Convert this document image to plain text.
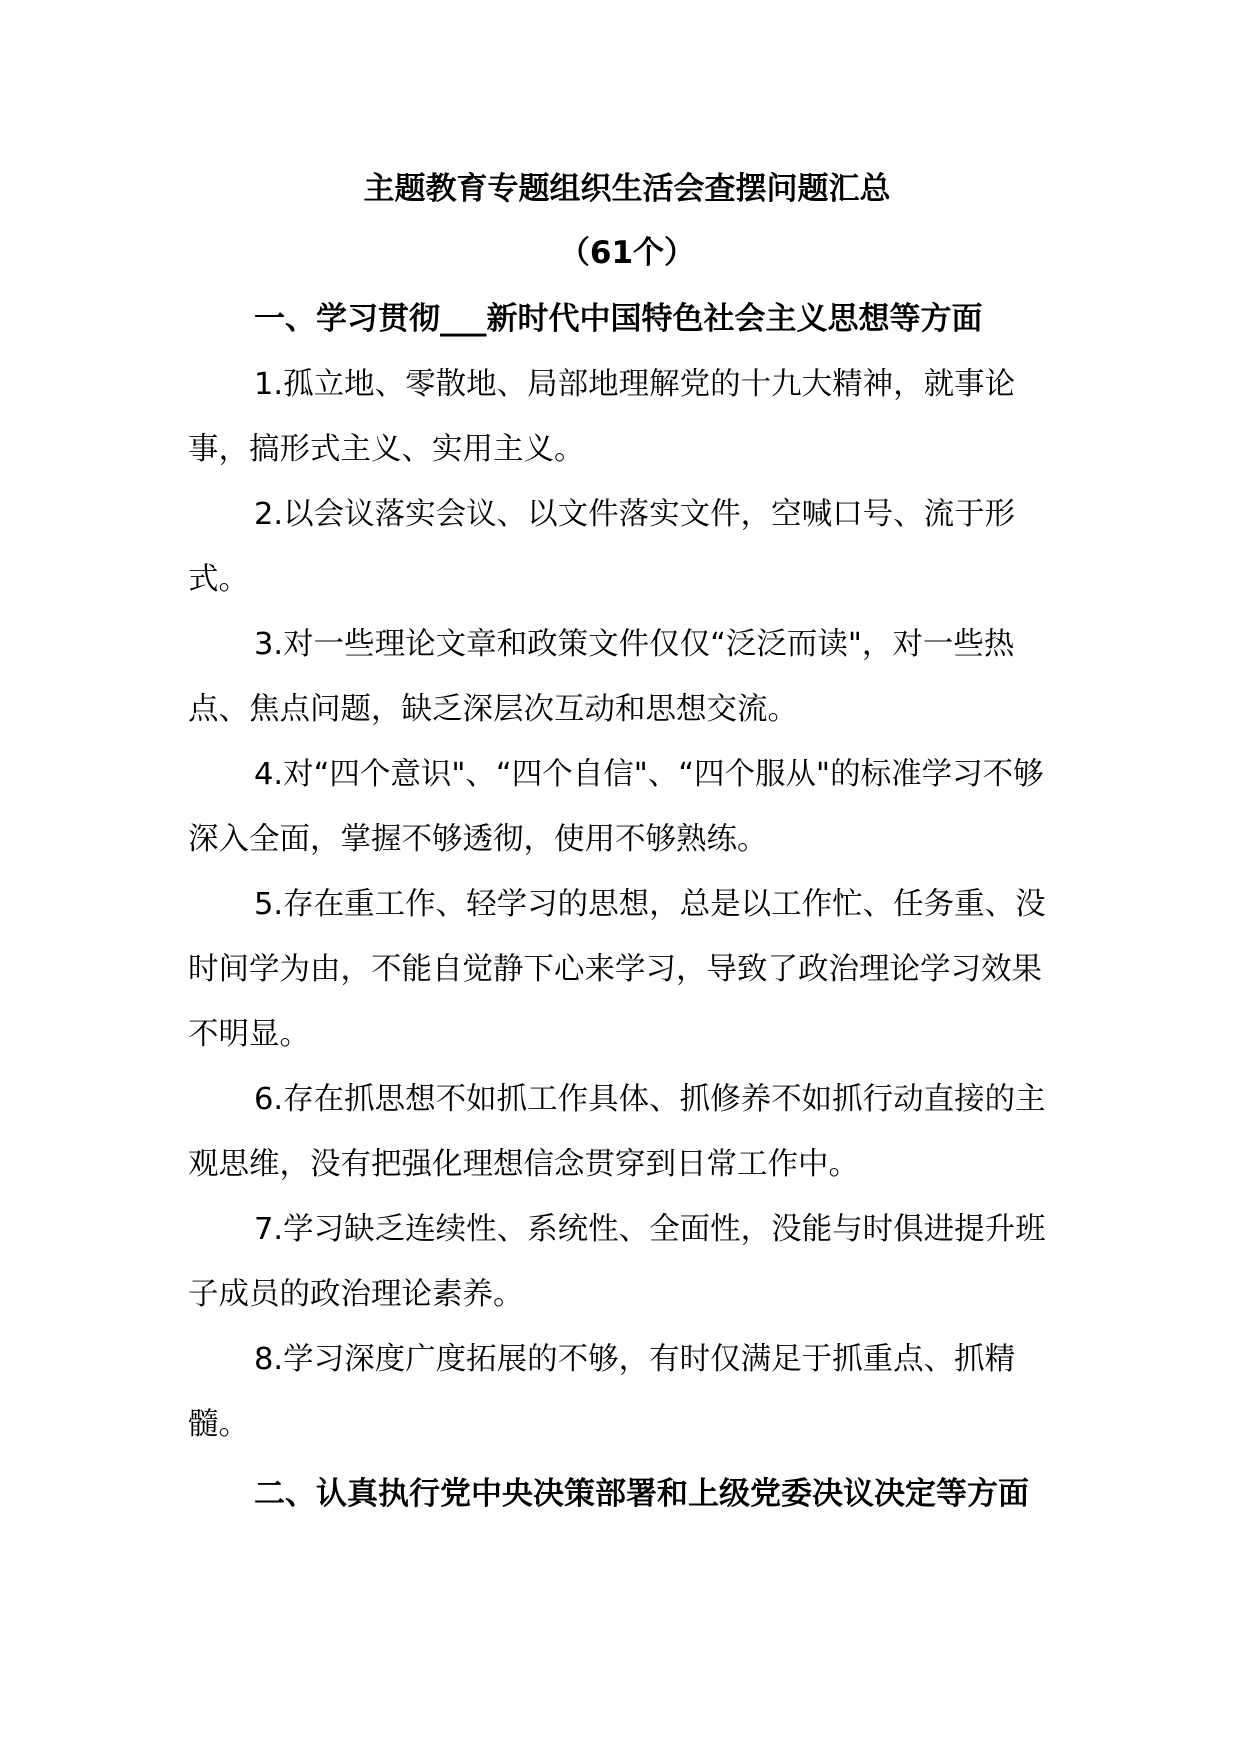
主题教育专题组织生活会查摆问题汇总
（61个）
一、学习贯彻___新时代中国特色社会主义思想等方面

1.孤立地、零散地、局部地理解党的十九大精神，就事论事，搞形式主义、实用主义。

2.以会议落实会议、以文件落实文件，空喊口号、流于形式。

3.对一些理论文章和政策文件仅仅“泛泛而读"，对一些热点、焦点问题，缺乏深层次互动和思想交流。

4.对“四个意识"、“四个自信"、“四个服从"的标准学习不够深入全面，掌握不够透彻，使用不够熟练。

5.存在重工作、轻学习的思想，总是以工作忙、任务重、没时间学为由，不能自觉静下心来学习，导致了政治理论学习效果不明显。

6.存在抓思想不如抓工作具体、抓修养不如抓行动直接的主观思维，没有把强化理想信念贯穿到日常工作中。

7.学习缺乏连续性、系统性、全面性，没能与时俱进提升班子成员的政治理论素养。

8.学习深度广度拓展的不够，有时仅满足于抓重点、抓精髓。

二、认真执行党中央决策部署和上级党委决议决定等方面
